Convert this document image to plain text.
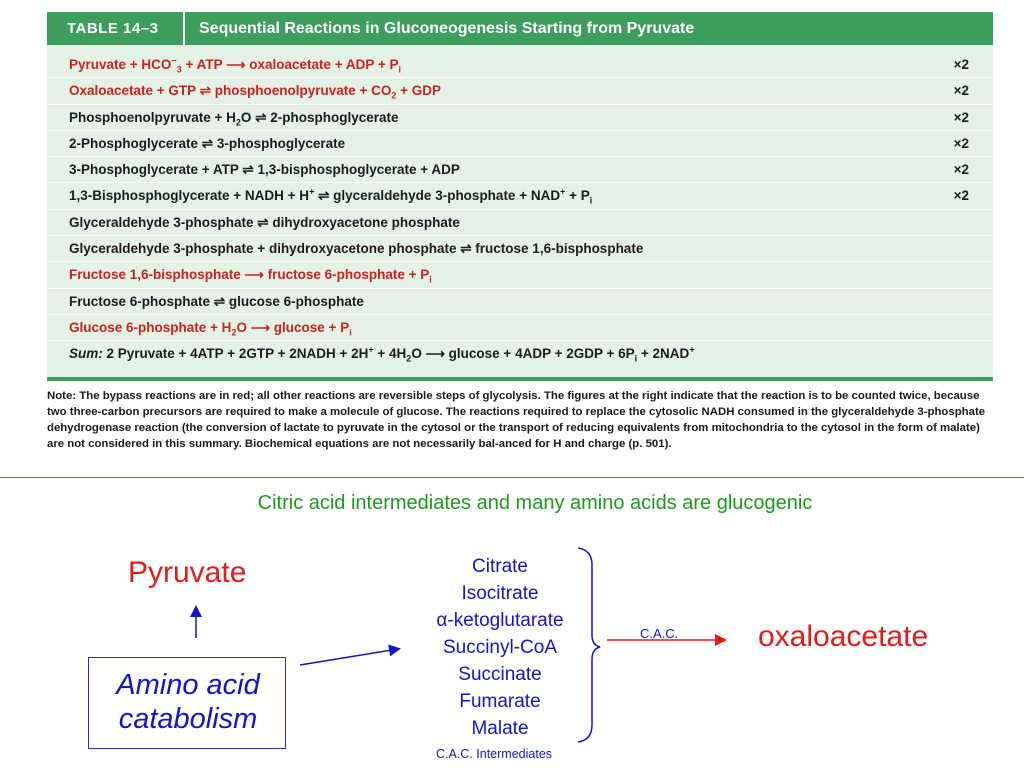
TABLE 14–3	Sequential Reactions in Gluconeogenesis Starting from Pyruvate
Pyruvate + $HCO^-_3$ + ATP ⟶ oxaloacetate + ADP + $P_i$	×2
Oxaloacetate + GTP ⇌ phosphoenolpyruvate + $CO_2$ + GDP	×2
Phosphoenolpyruvate + $H_2O$ ⇌ 2-phosphoglycerate	×2
2-Phosphoglycerate ⇌ 3-phosphoglycerate	×2
3-Phosphoglycerate + ATP ⇌ 1,3-bisphosphoglycerate + ADP	×2
1,3-Bisphosphoglycerate + NADH + H+ ⇌ glyceraldehyde 3-phosphate + $NAD^+ + P_i$	×2
Glyceraldehyde 3-phosphate ⇌ dihydroxyacetone phosphate
Glyceraldehyde 3-phosphate + dihydroxyacetone phosphate ⇌ fructose 1,6-bisphosphate
Fructose 1,6-bisphosphate ⟶ fructose 6-phosphate + $P_i$
Fructose 6-phosphate ⇌ glucose 6-phosphate
Glucose 6-phosphate + $H_2O$ ⟶ $glucose + P_i$
Sum: 2 Pyruvate + 4ATP + 2GTP + 2NADH + $2H^+ + 4H_2O$ ⟶ $glucose + 4ADP + 2GDP + 6P_i + 2NAD^+$
Note: The bypass reactions are in red; all other reactions are reversible steps of glycolysis. The figures at the right indicate that the reaction is to be counted twice, because two three-carbon precursors are required to make a molecule of glucose. The reactions required to replace the cytosolic NADH consumed in the glyceraldehyde 3-phosphate dehydrogenase reaction (the conversion of lactate to pyruvate in the cytosol or the transport of reducing equivalents from mitochondria to the cytosol in the form of malate) are not considered in this summary. Biochemical equations are not necessarily bal-anced for H and charge (p. 501).
Citric acid intermediates and many amino acids are glucogenic
Pyruvate
Amino acid
catabolism
Citrate
Isocitrate
α-ketoglutarate
Succinyl-CoA
Succinate
Fumarate
Malate
C.A.C.	oxaloacetate
C.A.C. Intermediates
